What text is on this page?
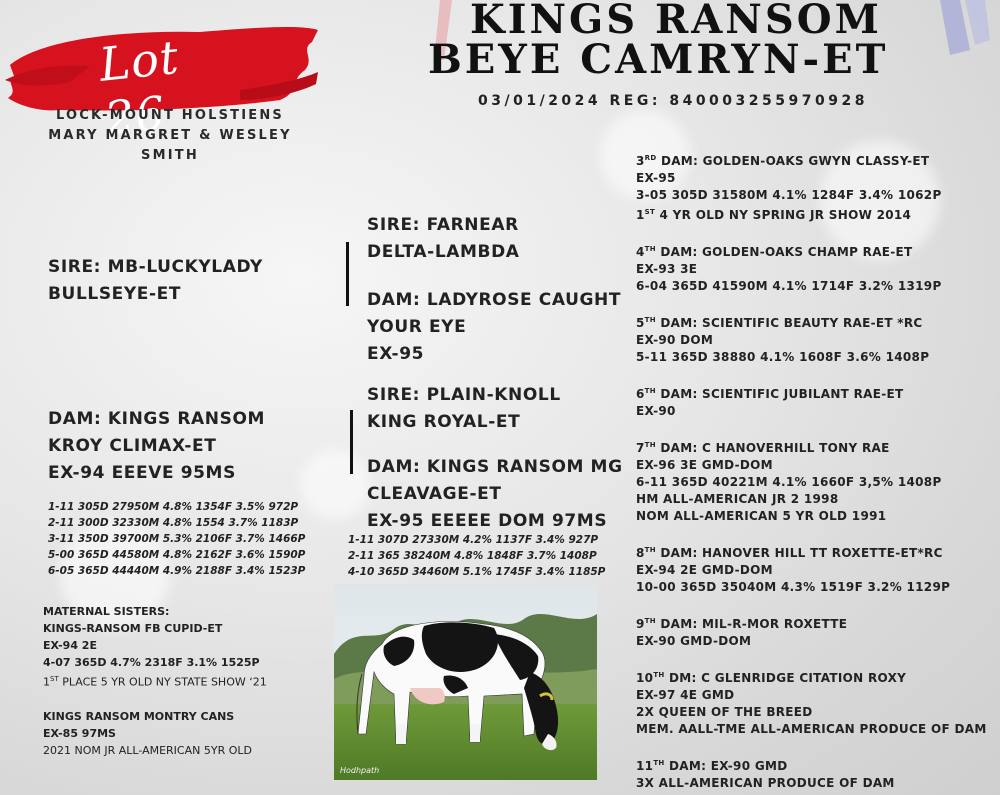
Lot 26
KINGS RANSOM
BEYE CAMRYN-ET
03/01/2024 REG: 840003255970928
LOCK-MOUNT HOLSTIENS
MARY MARGRET & WESLEY
SMITH
SIRE: MB-LUCKYLADY
BULLSEYE-ET
DAM: KINGS RANSOM
KROY CLIMAX-ET
EX-94 EEEVE 95MS
1-11 305D 27950M 4.8% 1354F 3.5% 972P
2-11 300D 32330M 4.8% 1554 3.7% 1183P
3-11 350D 39700M 5.3% 2106F 3.7% 1466P
5-00 365D 44580M 4.8% 2162F 3.6% 1590P
6-05 365D 44440M 4.9% 2188F 3.4% 1523P
MATERNAL SISTERS:
KINGS-RANSOM FB CUPID-ET
EX-94 2E
4-07 365D 4.7% 2318F 3.1% 1525P
1ST PLACE 5 YR OLD NY STATE SHOW ‘21
KINGS RANSOM MONTRY CANS
EX-85 97MS
2021 NOM JR ALL-AMERICAN 5YR OLD
SIRE: FARNEAR
DELTA-LAMBDA
DAM: LADYROSE CAUGHT
YOUR EYE
EX-95
SIRE: PLAIN-KNOLL
KING ROYAL-ET
DAM: KINGS RANSOM MG
CLEAVAGE-ET
EX-95 EEEEE DOM 97MS
1-11 307D 27330M 4.2% 1137F 3.4% 927P
2-11 365 38240M 4.8% 1848F 3.7% 1408P
4-10 365D 34460M 5.1% 1745F 3.4% 1185P
Hodhpath
3RD DAM: GOLDEN-OAKS GWYN CLASSY-ET
EX-95
3-05 305D 31580M 4.1% 1284F 3.4% 1062P
1ST 4 YR OLD NY SPRING JR SHOW 2014
4TH DAM: GOLDEN-OAKS CHAMP RAE-ET
EX-93 3E
6-04 365D 41590M 4.1% 1714F 3.2% 1319P
5TH DAM: SCIENTIFIC BEAUTY RAE-ET *RC
EX-90 DOM
5-11 365D 38880 4.1% 1608F 3.6% 1408P
6TH DAM: SCIENTIFIC JUBILANT RAE-ET
EX-90
7TH DAM: C HANOVERHILL TONY RAE
EX-96 3E GMD-DOM
6-11 365D 40221M 4.1% 1660F 3,5% 1408P
HM ALL-AMERICAN JR 2 1998
NOM ALL-AMERICAN 5 YR OLD 1991
8TH DAM: HANOVER HILL TT ROXETTE-ET*RC
EX-94 2E GMD-DOM
10-00 365D 35040M 4.3% 1519F 3.2% 1129P
9TH DAM: MIL-R-MOR ROXETTE
EX-90 GMD-DOM
10TH DM: C GLENRIDGE CITATION ROXY
EX-97 4E GMD
2X QUEEN OF THE BREED
MEM. AALL-TME ALL-AMERICAN PRODUCE OF DAM
11TH DAM: EX-90 GMD
3X ALL-AMERICAN PRODUCE OF DAM
